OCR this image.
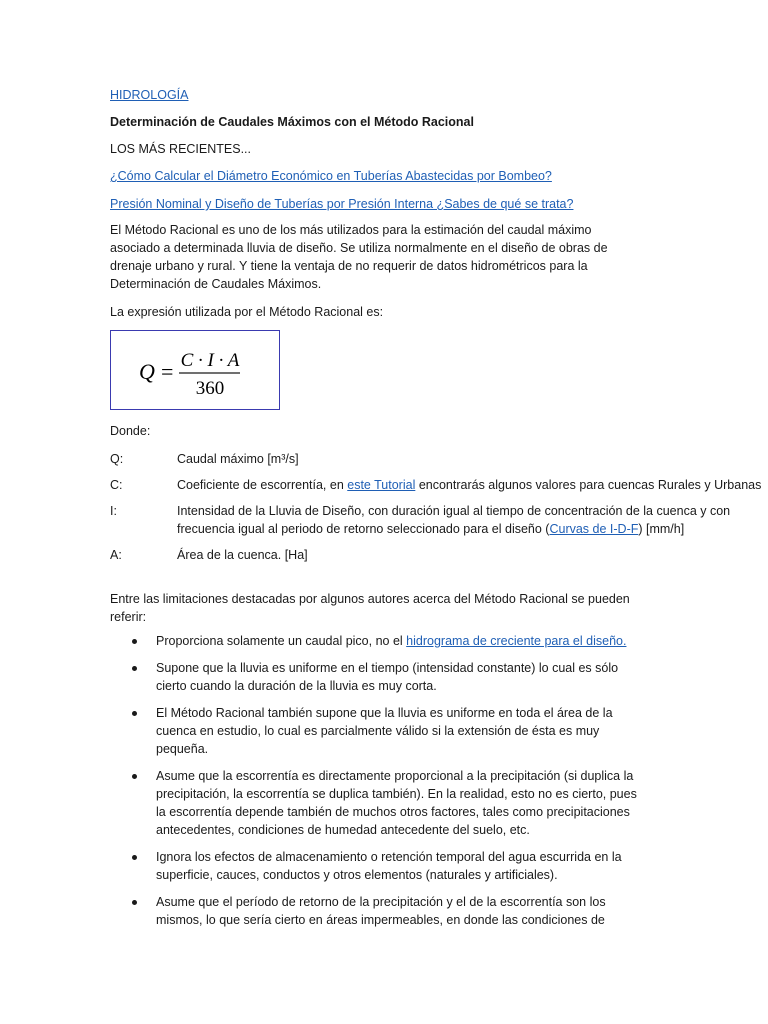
HIDROLOGÍA
Determinación de Caudales Máximos con el Método Racional
LOS MÁS RECIENTES...
¿Cómo Calcular el Diámetro Económico en Tuberías Abastecidas por Bombeo?
Presión Nominal y Diseño de Tuberías por Presión Interna ¿Sabes de qué se trata?
El Método Racional es uno de los más utilizados para la estimación del caudal máximo asociado a determinada lluvia de diseño. Se utiliza normalmente en el diseño de obras de drenaje urbano y rural. Y tiene la ventaja de no requerir de datos hidrométricos para la Determinación de Caudales Máximos.
La expresión utilizada por el Método Racional es:
Q = C · I · A
360
Donde:
Q:	Caudal máximo [m³/s]
C:	Coeficiente de escorrentía, en este Tutorial encontrarás algunos valores para cuencas Rurales y Urbanas
I:	Intensidad de la Lluvia de Diseño, con duración igual al tiempo de concentración de la cuenca y con frecuencia igual al periodo de retorno seleccionado para el diseño (Curvas de I-D-F) [mm/h]
A:	Área de la cuenca. [Ha]
Entre las limitaciones destacadas por algunos autores acerca del Método Racional se pueden referir:
Proporciona solamente un caudal pico, no el hidrograma de creciente para el diseño.
Supone que la lluvia es uniforme en el tiempo (intensidad constante) lo cual es sólo cierto cuando la duración de la lluvia es muy corta.
El Método Racional también supone que la lluvia es uniforme en toda el área de la cuenca en estudio, lo cual es parcialmente válido si la extensión de ésta es muy pequeña.
Asume que la escorrentía es directamente proporcional a la precipitación (si duplica la precipitación, la escorrentía se duplica también). En la realidad, esto no es cierto, pues la escorrentía depende también de muchos otros factores, tales como precipitaciones antecedentes, condiciones de humedad antecedente del suelo, etc.
Ignora los efectos de almacenamiento o retención temporal del agua escurrida en la superficie, cauces, conductos y otros elementos (naturales y artificiales).
Asume que el período de retorno de la precipitación y el de la escorrentía son los mismos, lo que sería cierto en áreas impermeables, en donde las condiciones de
